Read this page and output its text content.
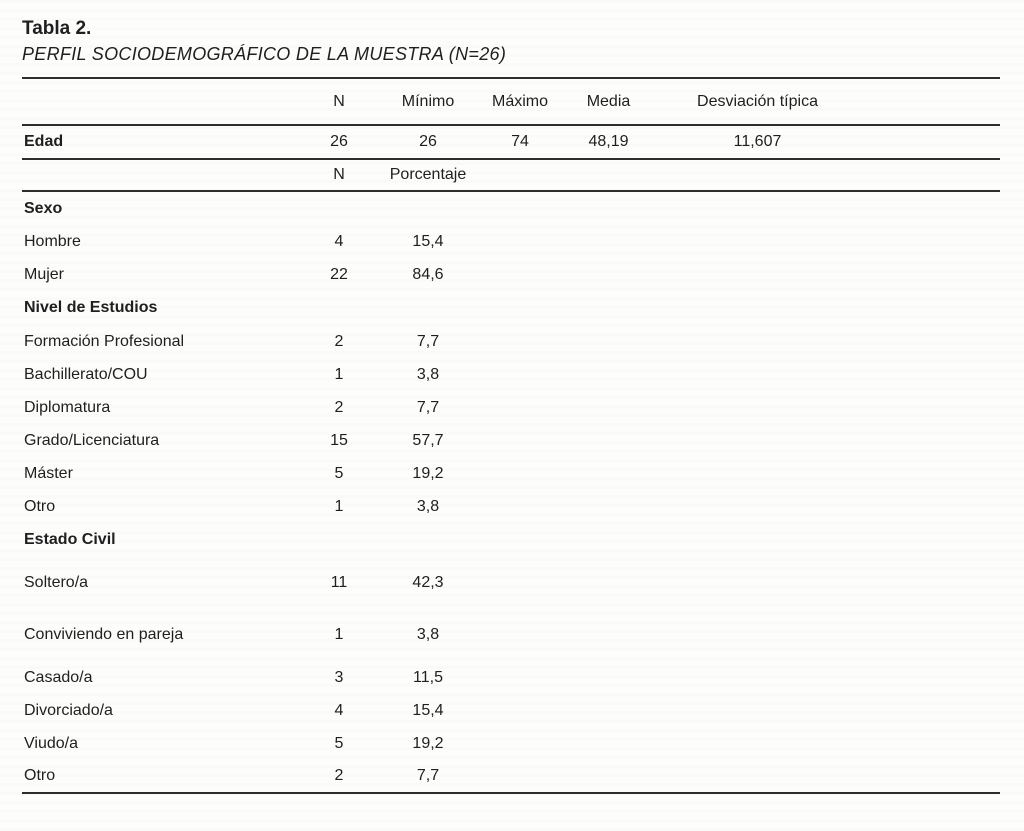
Tabla 2.
PERFIL SOCIODEMOGRÁFICO DE LA MUESTRA (N=26)
	N	Mínimo	Máximo	Media	Desviación típica	
Edad	26	26	74	48,19	11,607	
	N	Porcentaje				
Sexo						
Hombre	4	15,4				
Mujer	22	84,6				
Nivel de Estudios						
Formación Profesional	2	7,7				
Bachillerato/COU	1	3,8				
Diplomatura	2	7,7				
Grado/Licenciatura	15	57,7				
Máster	5	19,2				
Otro	1	3,8				
Estado Civil						
Soltero/a	11	42,3				
Conviviendo en pareja	1	3,8				
Casado/a	3	11,5				
Divorciado/a	4	15,4				
Viudo/a	5	19,2				
Otro	2	7,7				
